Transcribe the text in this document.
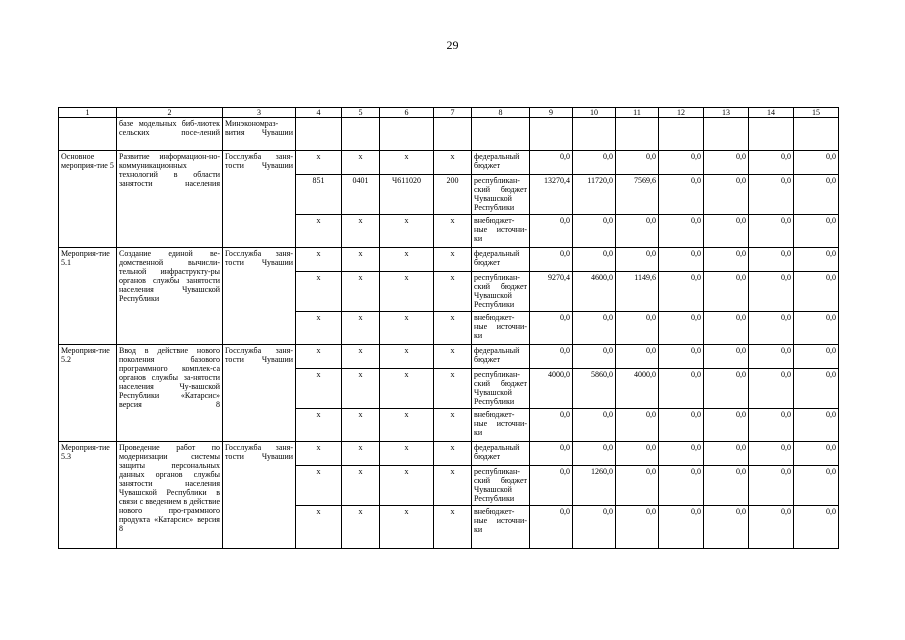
29
1	2	3	4	5	6	7	8	9	10	11	12	13	14	15
	базе модельных биб-лиотек сельских посе-лений	Минэкономраз-вития Чувашии												
Основное мероприя-тие 5	Развитие информацион-но-коммуникационных технологий в области занятости населения	Госслужба заня-тости Чувашии	x	x	x	x	федеральный бюджет	0,0	0,0	0,0	0,0	0,0	0,0	0,0
			851	0401	Ч611020	200	республикан-ский бюджет Чувашской Республики	13270,4	11720,0	7569,6	0,0	0,0	0,0	0,0
			x	x	x	x	внебюджет-ные источни-ки	0,0	0,0	0,0	0,0	0,0	0,0	0,0
Мероприя-тие 5.1	Создание единой ве-домственной вычисли-тельной инфраструкту-ры органов службы занятости населения Чувашской Республики	Госслужба заня-тости Чувашии	x	x	x	x	федеральный бюджет	0,0	0,0	0,0	0,0	0,0	0,0	0,0
			x	x	x	x	республикан-ский бюджет Чувашской Республики	9270,4	4600,0	1149,6	0,0	0,0	0,0	0,0
			x	x	x	x	внебюджет-ные источни-ки	0,0	0,0	0,0	0,0	0,0	0,0	0,0
Мероприя-тие 5.2	Ввод в действие нового поколения базового программного комплек-са органов службы за-нятости населения Чу-вашской Республики «Катарсис» версия 8	Госслужба заня-тости Чувашии	x	x	x	x	федеральный бюджет	0,0	0,0	0,0	0,0	0,0	0,0	0,0
			x	x	x	x	республикан-ский бюджет Чувашской Республики	4000,0	5860,0	4000,0	0,0	0,0	0,0	0,0
			x	x	x	x	внебюджет-ные источни-ки	0,0	0,0	0,0	0,0	0,0	0,0	0,0
Мероприя-тие 5.3	Проведение работ по модернизации системы защиты персональных данных органов службы занятости населения Чувашской Республики в связи с введением в действие нового про-граммного продукта «Катарсис» версия 8	Госслужба заня-тости Чувашии	x	x	x	x	федеральный бюджет	0,0	0,0	0,0	0,0	0,0	0,0	0,0
			x	x	x	x	республикан-ский бюджет Чувашской Республики	0,0	1260,0	0,0	0,0	0,0	0,0	0,0
			x	x	x	x	внебюджет-ные источни-ки	0,0	0,0	0,0	0,0	0,0	0,0	0,0
